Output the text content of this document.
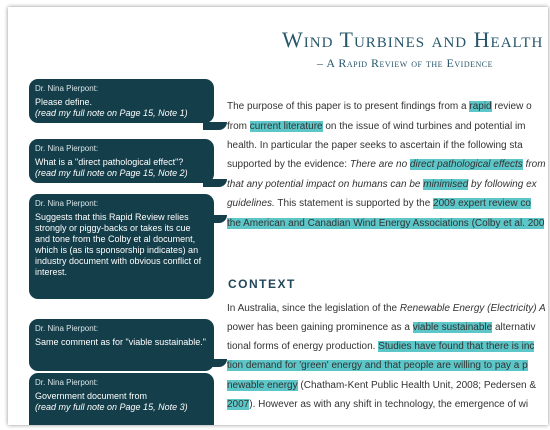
Wind Turbines and Health
– A Rapid Review of the Evidence
The purpose of this paper is to present findings from a rapid review o
from current literature on the issue of wind turbines and potential im
health. In particular the paper seeks to ascertain if the following sta
supported by the evidence: There are no direct pathological effects from
that any potential impact on humans can be minimised by following ex
guidelines. This statement is supported by the 2009 expert review co
the American and Canadian Wind Energy Associations (Colby et al. 200
CONTEXT
In Australia, since the legislation of the Renewable Energy (Electricity) A
power has been gaining prominence as a viable sustainable alternativ
tional forms of energy production. Studies have found that there is inc
tion demand for 'green' energy and that people are willing to pay a p
newable energy (Chatham-Kent Public Health Unit, 2008; Pedersen &
2007). However as with any shift in technology, the emergence of wi
Dr. Nina Pierpont:
Please define.
(read my full note on Page 15, Note 1)
Dr. Nina Pierpont:
What is a "direct pathological effect"?
(read my full note on Page 15, Note 2)
Dr. Nina Pierpont:
Suggests that this Rapid Review relies strongly or piggy-backs or takes its cue and tone from the Colby et al document, which is (as its sponsorship indicates) an industry document with obvious conflict of interest.
Dr. Nina Pierpont:
Same comment as for "viable sustainable."
Dr. Nina Pierpont:
Government document from
(read my full note on Page 15, Note 3)
